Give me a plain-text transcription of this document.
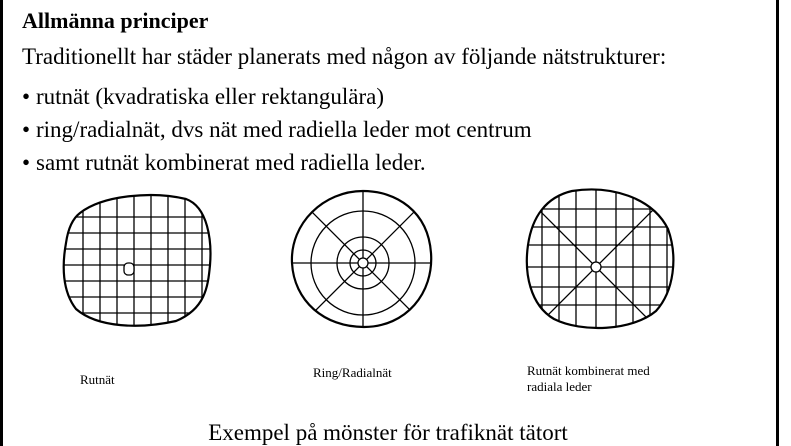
Allmänna principer
Traditionellt har städer planerats med någon av följande nätstrukturer:
• rutnät (kvadratiska eller rektangulära)
• ring/radialnät, dvs nät med radiella leder mot centrum
• samt rutnät kombinerat med radiella leder.
Rutnät	Ring/Radialnät	Rutnät kombinerat med
radiala leder
Exempel på mönster för trafiknät tätort
